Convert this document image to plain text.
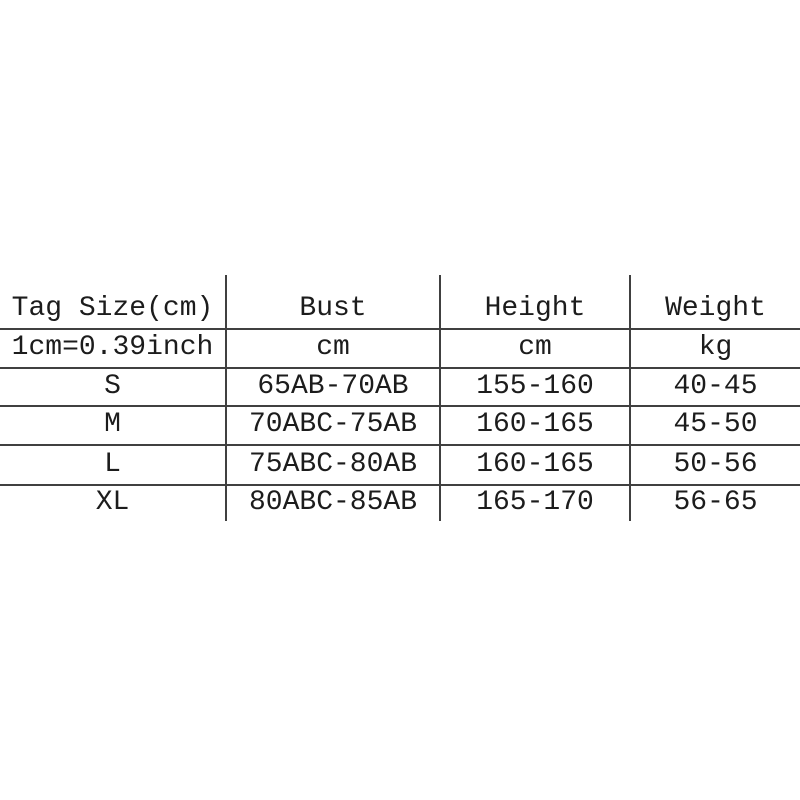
Tag Size(cm)	Bust	Height	Weight
1cm=0.39inch	cm	cm	kg
S	65AB-70AB	155-160	40-45
M	70ABC-75AB	160-165	45-50
L	75ABC-80AB	160-165	50-56
XL	80ABC-85AB	165-170	56-65
